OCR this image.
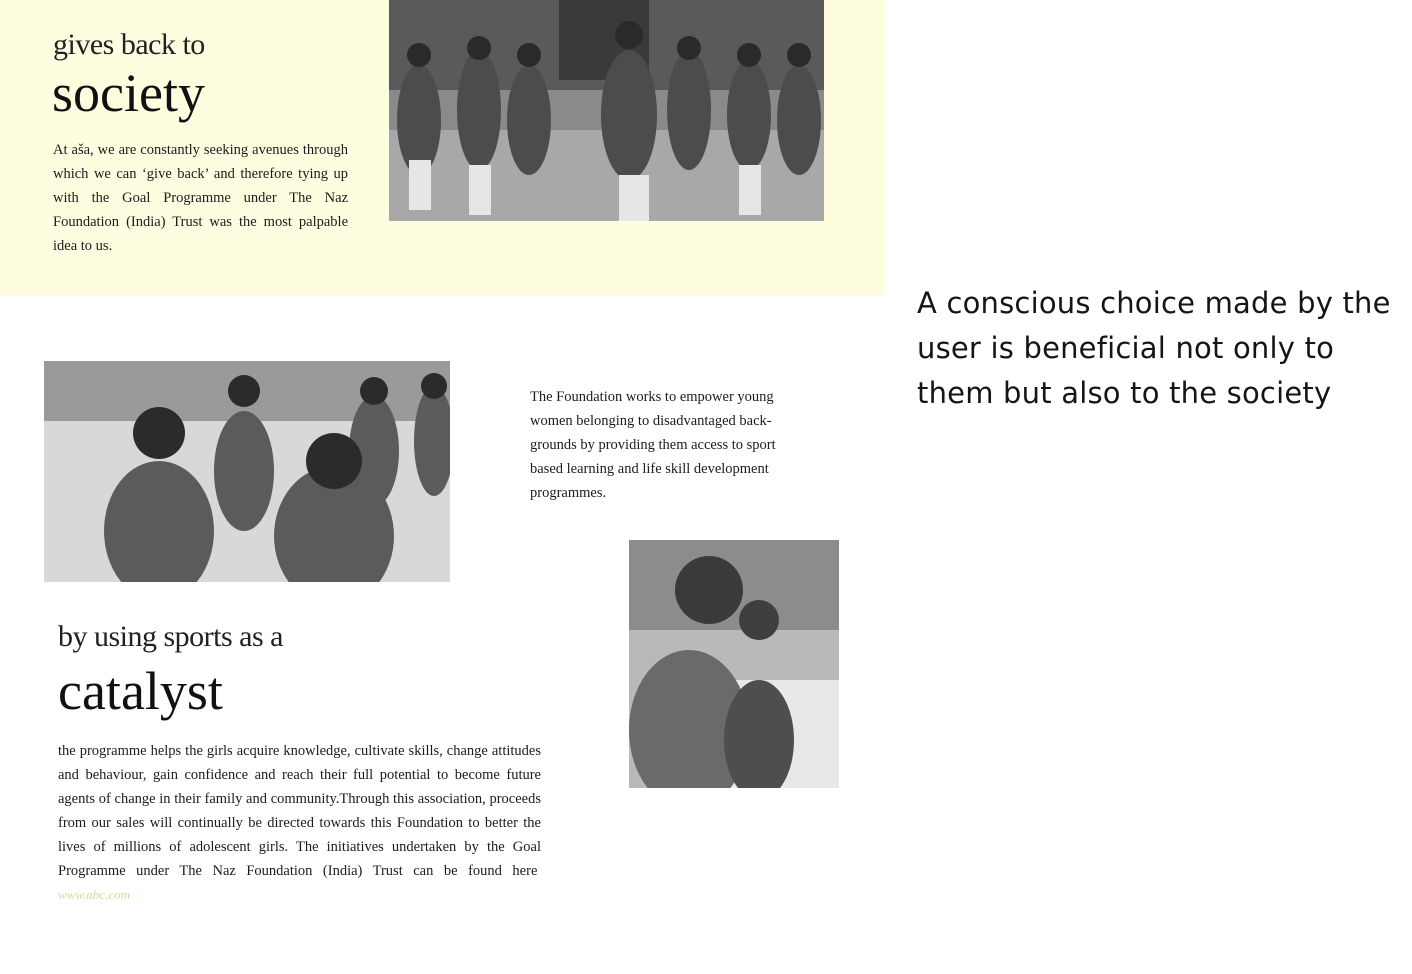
gives back to
society
At aša, we are constantly seeking avenues through which we can ‘give back’ and therefore tying up with the Goal Programme under The Naz Foundation (India) Trust was the most palpable idea to us.
The Foundation works to empower young women belonging to disadvantaged back-grounds by providing them access to sport based learning and life skill development programmes.
by using sports as a
catalyst
the programme helps the girls acquire knowledge, cultivate skills, change attitudes and behaviour, gain confidence and reach their full potential to become future agents of change in their family and community.Through this association, proceeds from our sales will continually be directed towards this Foundation to better the lives of millions of adolescent girls. The initiatives undertaken by the Goal Programme under The Naz Foundation (India) Trust can be found here  www.abc.com
A conscious choice made by the user is beneficial not only to them but also to the society
